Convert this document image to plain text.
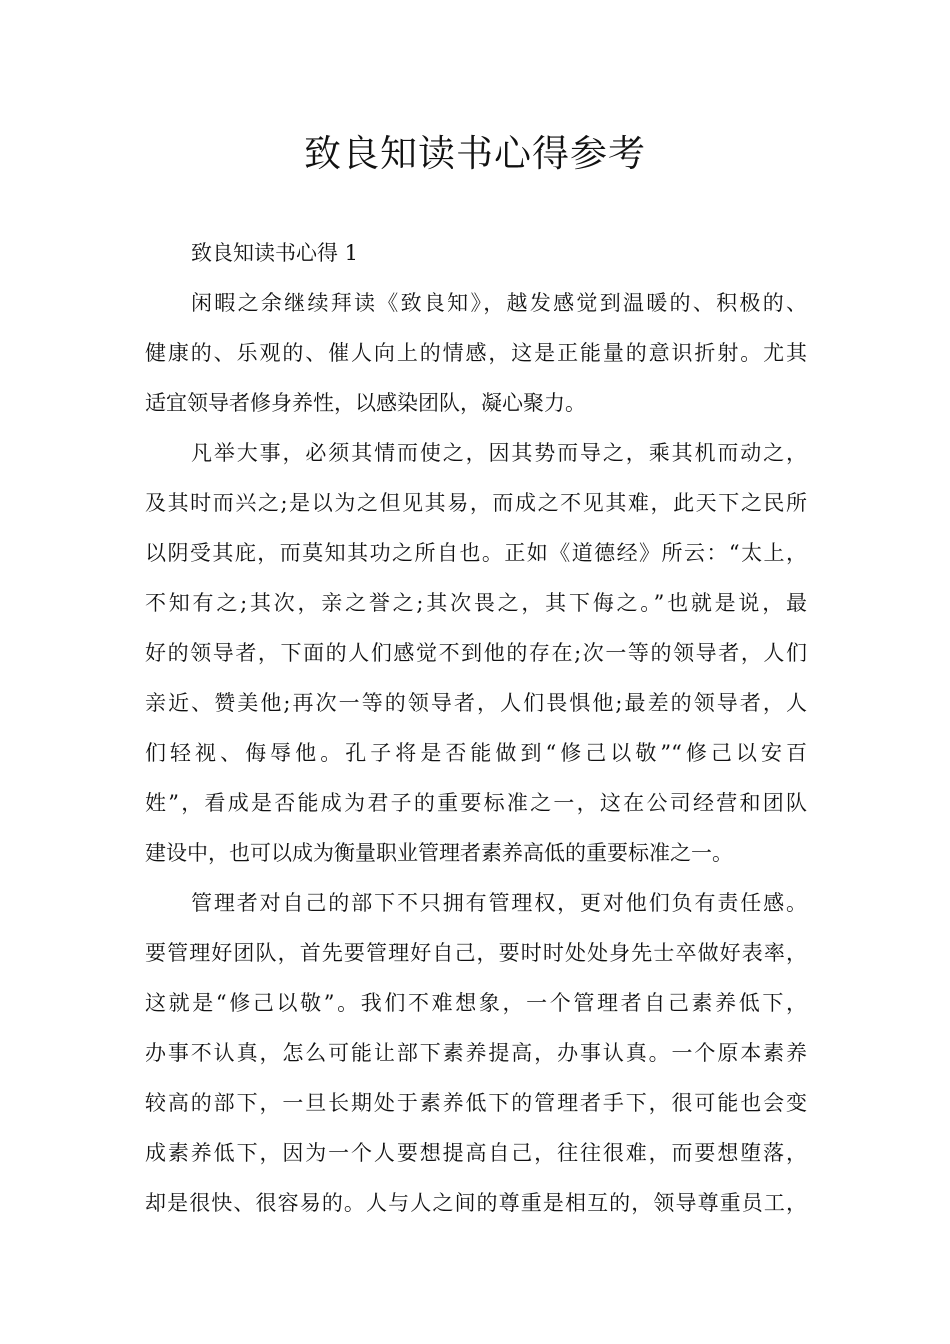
致良知读书心得参考

致良知读书心得 1

闲暇之余继续拜读《致良知》，越发感觉到温暖的、积极的、
健康的、乐观的、催人向上的情感，这是正能量的意识折射。尤其
适宜领导者修身养性，以感染团队，凝心聚力。

凡举大事，必须其情而使之，因其势而导之，乘其机而动之，
及其时而兴之;是以为之但见其易，而成之不见其难，此天下之民所
以阴受其庇，而莫知其功之所自也。正如《道德经》所云：“太上，
不知有之;其次，亲之誉之;其次畏之，其下侮之。”也就是说，最
好的领导者，下面的人们感觉不到他的存在;次一等的领导者，人们
亲近、赞美他;再次一等的领导者，人们畏惧他;最差的领导者，人
们轻视、侮辱他。孔子将是否能做到“修己以敬”“修己以安百
姓”，看成是否能成为君子的重要标准之一，这在公司经营和团队
建设中，也可以成为衡量职业管理者素养高低的重要标准之一。

管理者对自己的部下不只拥有管理权，更对他们负有责任感。
要管理好团队，首先要管理好自己，要时时处处身先士卒做好表率，
这就是“修己以敬”。我们不难想象，一个管理者自己素养低下，
办事不认真，怎么可能让部下素养提高，办事认真。一个原本素养
较高的部下，一旦长期处于素养低下的管理者手下，很可能也会变
成素养低下，因为一个人要想提高自己，往往很难，而要想堕落，
却是很快、很容易的。人与人之间的尊重是相互的，领导尊重员工，
